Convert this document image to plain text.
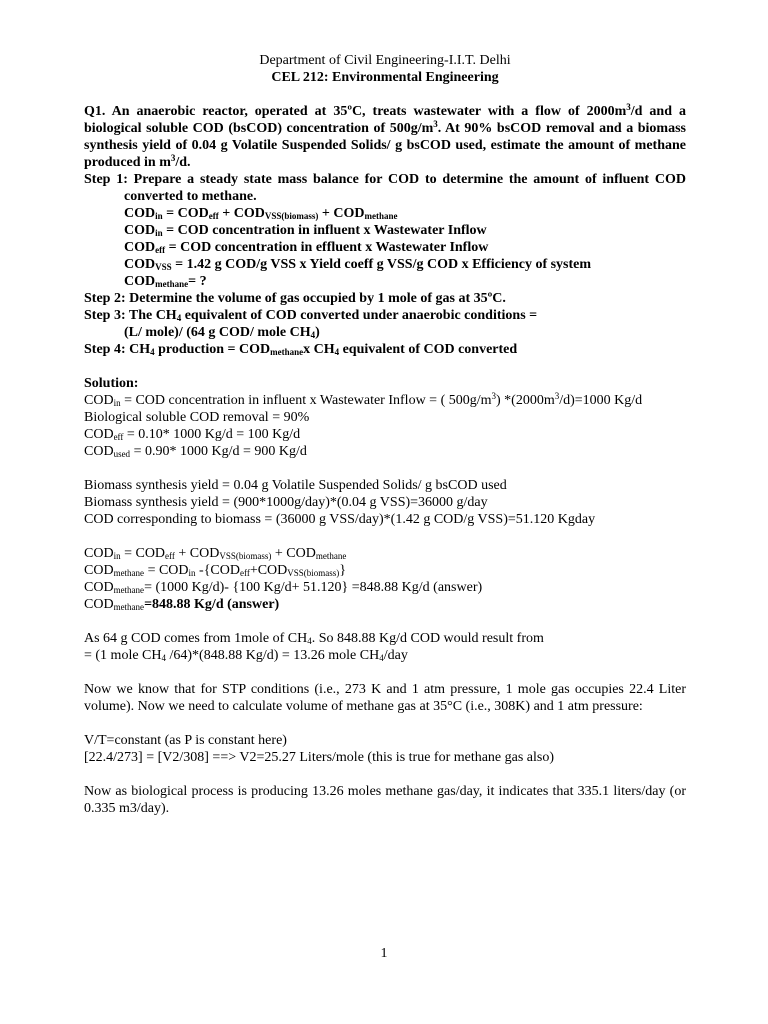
Department of Civil Engineering-I.I.T. Delhi

CEL 212: Environmental Engineering

Q1. An anaerobic reactor, operated at 35ºC, treats wastewater with a flow of $2000m^3/d$ and a

biological soluble COD (bsCOD) concentration of $500g/m^3$. At 90% bsCOD removal and a biomass

synthesis yield of 0.04 g Volatile Suspended Solids/ g bsCOD used, estimate the amount of methane

produced in $m^3/d$.

Step 1: Prepare a steady state mass balance for COD to determine the amount of influent COD

converted to methane.

$COD_{in} = COD_{eff} + COD_{VSS(biomass)} + COD_{methane}$

$COD_{in}$ = COD concentration in influent x Wastewater Inflow

$COD_{eff}$ = COD concentration in effluent x Wastewater Inflow

$COD_{VSS} = 1.42$ g COD/g VSS x Yield coeff g VSS/g COD x Efficiency of system

$COD_{methane}=$ ?

Step 2: Determine the volume of gas occupied by 1 mole of gas at 35ºC.

Step 3: The $CH_4$ equivalent of COD converted under anaerobic conditions =

(L/ mole)/ (64 g COD/ mole $CH_4$)

Step 4: $CH_4$ production = $COD_{methane}x$ $CH_4$ equivalent of COD converted

Solution:

$COD_{in}$ = COD concentration in influent x Wastewater Inflow = ( $500g/m^3$) $*(2000m^3/d)=1000$ Kg/d

Biological soluble COD removal = 90%

$COD_{eff} = 0.10*$ 1000 Kg/d = 100 Kg/d

$COD_{used} = 0.90*$ 1000 Kg/d = 900 Kg/d

Biomass synthesis yield = 0.04 g Volatile Suspended Solids/ g bsCOD used

Biomass synthesis yield = (900*1000g/day)*(0.04 g VSS)=36000 g/day

COD corresponding to biomass = (36000 g VSS/day)*(1.42 g COD/g VSS)=51.120 Kgday

$COD_{in} = COD_{eff} + COD_{VSS(biomass)} + COD_{methane}$

$COD_{methane} = COD_{in}$ $-\{COD_{eff}+COD_{VSS(biomass)}\}$

$COD_{methane}= (1000$ Kg/d)- {100 Kg/d+ 51.120} =848.88 Kg/d (answer)

$COD_{methane}=848.88$ Kg/d (answer)

As 64 g COD comes from 1mole of $CH_4$. So 848.88 Kg/d COD would result from

= (1 mole $CH_4$ /64)*(848.88 Kg/d) = 13.26 mole $CH_4$/day

Now we know that for STP conditions (i.e., 273 K and 1 atm pressure, 1 mole gas occupies 22.4 Liter

volume). Now we need to calculate volume of methane gas at 35°C (i.e., 308K) and 1 atm pressure:

V/T=constant (as P is constant here)

[22.4/273] = [V2/308] ==> V2=25.27 Liters/mole (this is true for methane gas also)

Now as biological process is producing 13.26 moles methane gas/day, it indicates that 335.1 liters/day (or

0.335 m3/day).

1
